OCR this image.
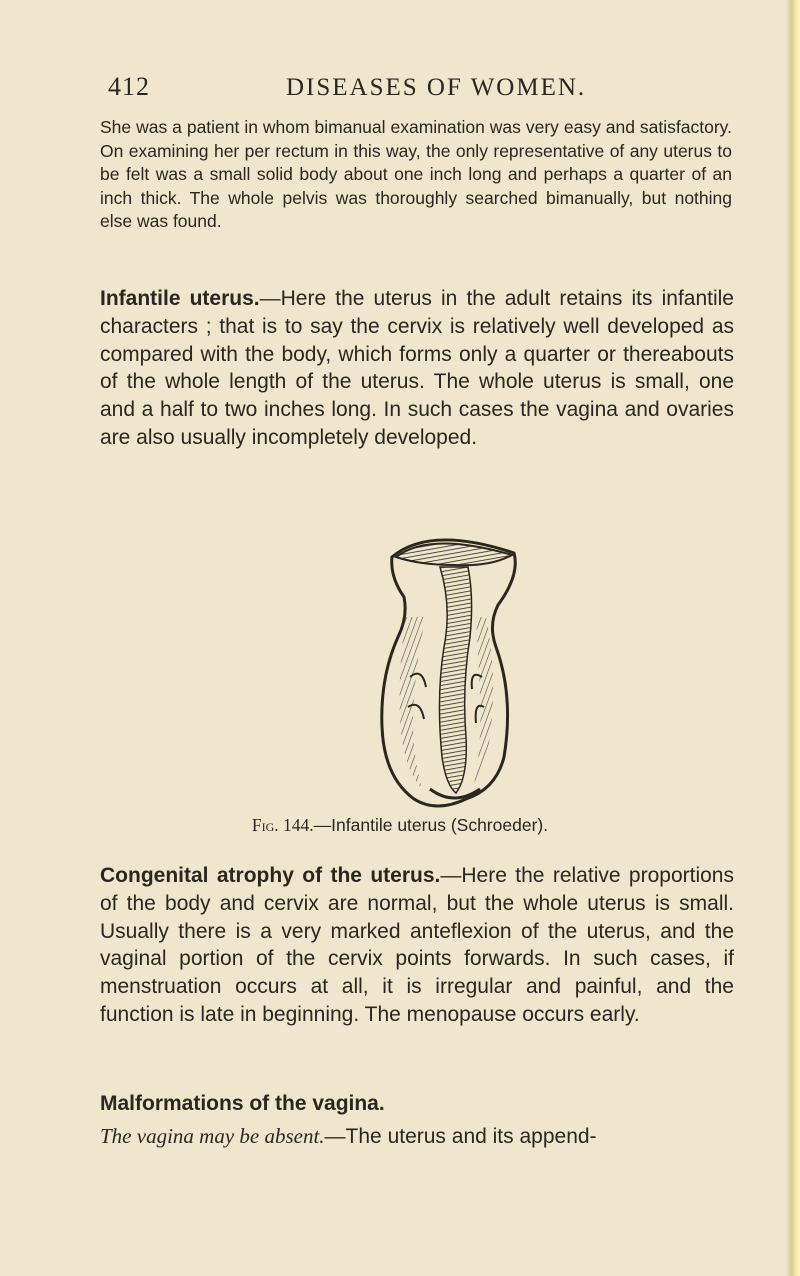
412	DISEASES OF WOMEN.

She was a patient in whom bimanual examination was very easy and satisfactory. On examining her per rectum in this way, the only representative of any uterus to be felt was a small solid body about one inch long and perhaps a quarter of an inch thick. The whole pelvis was thoroughly searched bimanually, but nothing else was found.

Infantile uterus.—Here the uterus in the adult retains its infantile characters ; that is to say the cervix is relatively well developed as compared with the body, which forms only a quarter or thereabouts of the whole length of the uterus. The whole uterus is small, one and a half to two inches long. In such cases the vagina and ovaries are also usually incompletely developed.

Fig. 144.—Infantile uterus (Schroeder).

Congenital atrophy of the uterus.—Here the relative proportions of the body and cervix are normal, but the whole uterus is small. Usually there is a very marked anteflexion of the uterus, and the vaginal portion of the cervix points forwards. In such cases, if menstruation occurs at all, it is irregular and painful, and the function is late in beginning. The menopause occurs early.

Malformations of the vagina.

The vagina may be absent.—The uterus and its append-
